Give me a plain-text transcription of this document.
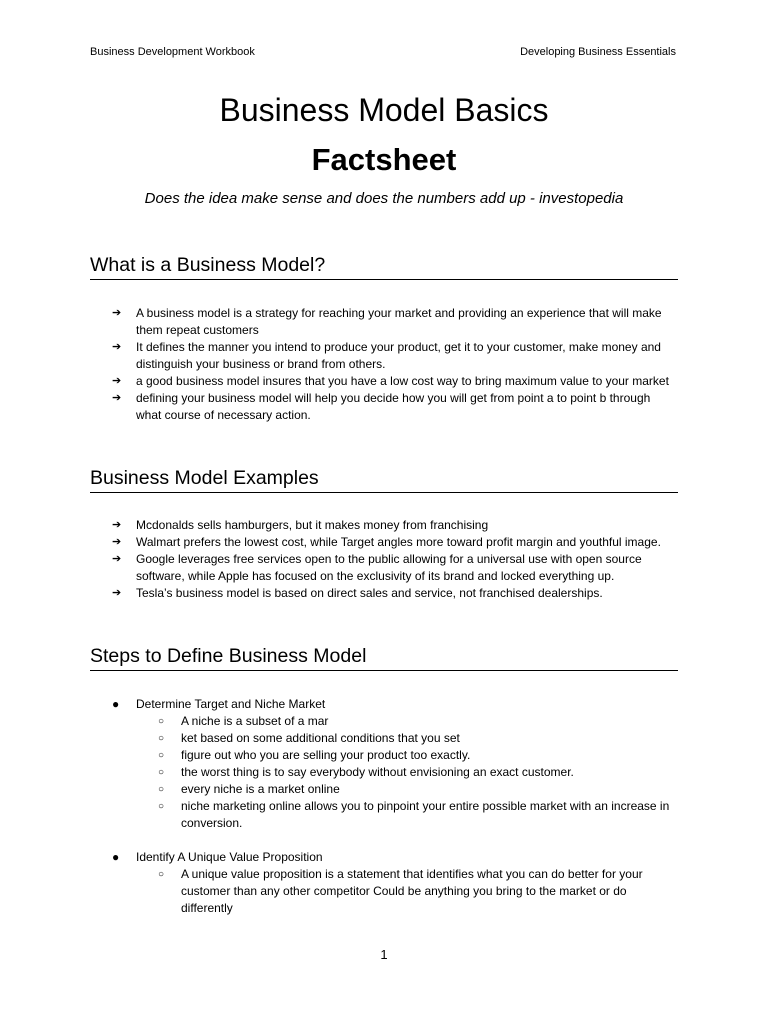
Business Development Workbook	Developing Business Essentials
Business Model Basics
Factsheet
Does the idea make sense and does the numbers add up - investopedia
What is a Business Model?
➔ A business model is a strategy for reaching your market and providing an experience that will make them repeat customers
➔ It defines the manner you intend to produce your product, get it to your customer, make money and distinguish your business or brand from others.
➔ a good business model insures that you have a low cost way to bring maximum value to your market
➔ defining your business model will help you decide how you will get from point a to point b through what course of necessary action.
Business Model Examples
➔ Mcdonalds sells hamburgers, but it makes money from franchising
➔ Walmart prefers the lowest cost, while Target angles more toward profit margin and youthful image.
➔ Google leverages free services open to the public allowing for a universal use with open source software, while Apple has focused on the exclusivity of its brand and locked everything up.
➔ Tesla’s business model is based on direct sales and service, not franchised dealerships.
Steps to Define Business Model
● Determine Target and Niche Market
○ A niche is a subset of a mar
○ ket based on some additional conditions that you set
○ figure out who you are selling your product too exactly.
○ the worst thing is to say everybody without envisioning an exact customer.
○ every niche is a market online
○ niche marketing online allows you to pinpoint your entire possible market with an increase in conversion.
● Identify A Unique Value Proposition
○ A unique value proposition is a statement that identifies what you can do better for your customer than any other competitor Could be anything you bring to the market or do differently
1
